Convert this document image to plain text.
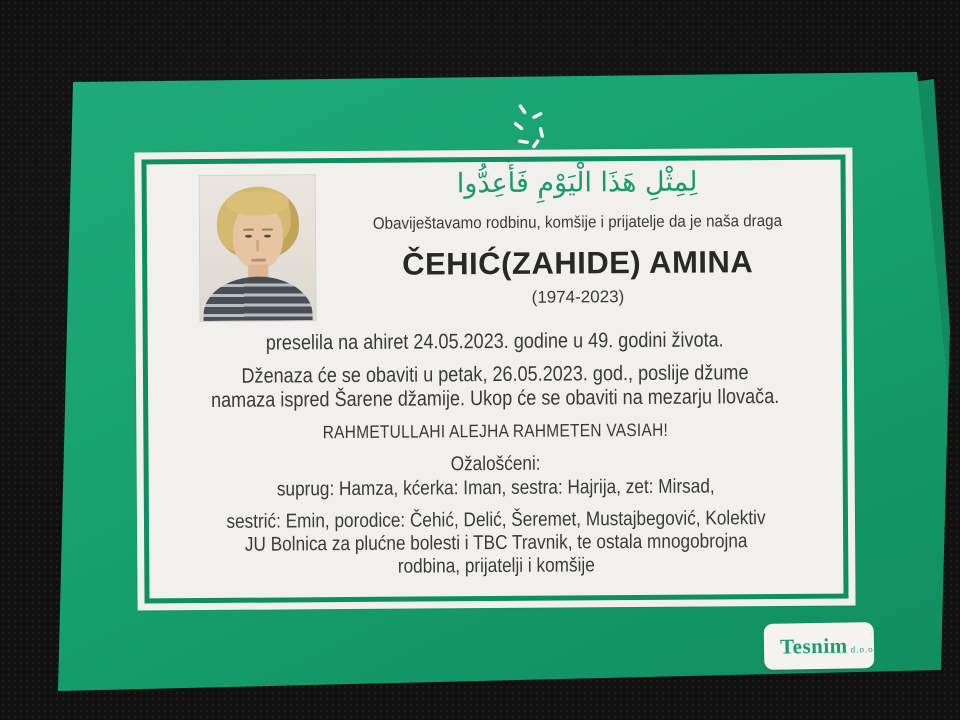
لِمِثْلِ هَذَا الْيَوْمِ فَأَعِدُّوا
Obaviještavamo rodbinu, komšije i prijatelje da je naša draga
ČEHIĆ(ZAHIDE) AMINA
(1974-2023)
preselila na ahiret 24.05.2023. godine u 49. godini života.
Dženaza će se obaviti u petak, 26.05.2023. god., poslije džume
namaza ispred Šarene džamije. Ukop će se obaviti na mezarju Ilovača.
RAHMETULLAHI ALEJHA RAHMETEN VASIAH!
Ožalošćeni:
suprug: Hamza, kćerka: Iman, sestra: Hajrija, zet: Mirsad,
sestrić: Emin, porodice: Čehić, Delić, Šeremet, Mustajbegović, Kolektiv
JU Bolnica za plućne bolesti i TBC Travnik, te ostala mnogobrojna
rodbina, prijatelji i komšije
Tesnim d.o.o.
